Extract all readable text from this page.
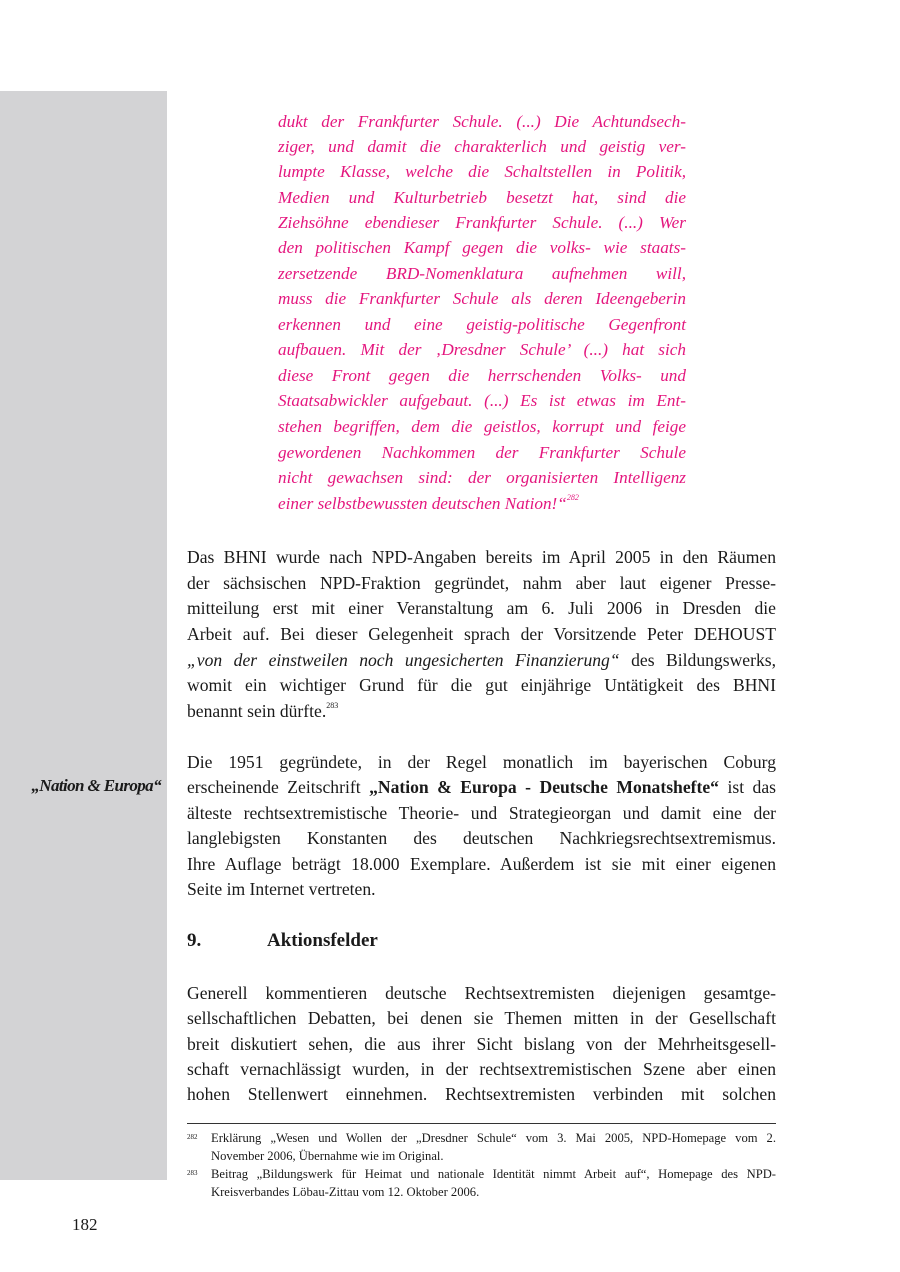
„Nation & Europa“
dukt der Frankfurter Schule. (...) Die Achtundsech-
ziger, und damit die charakterlich und geistig ver-
lumpte Klasse, welche die Schaltstellen in Politik,
Medien und Kulturbetrieb besetzt hat, sind die
Ziehsöhne ebendieser Frankfurter Schule. (...) Wer
den politischen Kampf gegen die volks- wie staats-
zersetzende BRD-Nomenklatura aufnehmen will,
muss die Frankfurter Schule als deren Ideengeberin
erkennen und eine geistig-politische Gegenfront
aufbauen. Mit der ‚Dresdner Schule’ (...) hat sich
diese Front gegen die herrschenden Volks- und
Staatsabwickler aufgebaut. (...) Es ist etwas im Ent-
stehen begriffen, dem die geistlos, korrupt und feige
gewordenen Nachkommen der Frankfurter Schule
nicht gewachsen sind: der organisierten Intelligenz
einer selbstbewussten deutschen Nation!“$^{282}$
Das BHNI wurde nach NPD-Angaben bereits im April 2005 in den Räumen
der sächsischen NPD-Fraktion gegründet, nahm aber laut eigener Presse-
mitteilung erst mit einer Veranstaltung am 6. Juli 2006 in Dresden die
Arbeit auf. Bei dieser Gelegenheit sprach der Vorsitzende Peter DEHOUST
„von der einstweilen noch ungesicherten Finanzierung“ des Bildungswerks,
womit ein wichtiger Grund für die gut einjährige Untätigkeit des BHNI
benannt sein dürfte.$^{283}$
Die 1951 gegründete, in der Regel monatlich im bayerischen Coburg
erscheinende Zeitschrift „Nation & Europa - Deutsche Monatshefte“ ist das
älteste rechtsextremistische Theorie- und Strategieorgan und damit eine der
langlebigsten Konstanten des deutschen Nachkriegsrechtsextremismus.
Ihre Auflage beträgt 18.000 Exemplare. Außerdem ist sie mit einer eigenen
Seite im Internet vertreten.
9.	Aktionsfelder
Generell kommentieren deutsche Rechtsextremisten diejenigen gesamtge-
sellschaftlichen Debatten, bei denen sie Themen mitten in der Gesellschaft
breit diskutiert sehen, die aus ihrer Sicht bislang von der Mehrheitsgesell-
schaft vernachlässigt wurden, in der rechtsextremistischen Szene aber einen
hohen Stellenwert einnehmen. Rechtsextremisten verbinden mit solchen
282 Erklärung „Wesen und Wollen der „Dresdner Schule“ vom 3. Mai 2005, NPD-Homepage vom 2.
November 2006, Übernahme wie im Original.
283 Beitrag „Bildungswerk für Heimat und nationale Identität nimmt Arbeit auf“, Homepage des NPD-
Kreisverbandes Löbau-Zittau vom 12. Oktober 2006.
182
